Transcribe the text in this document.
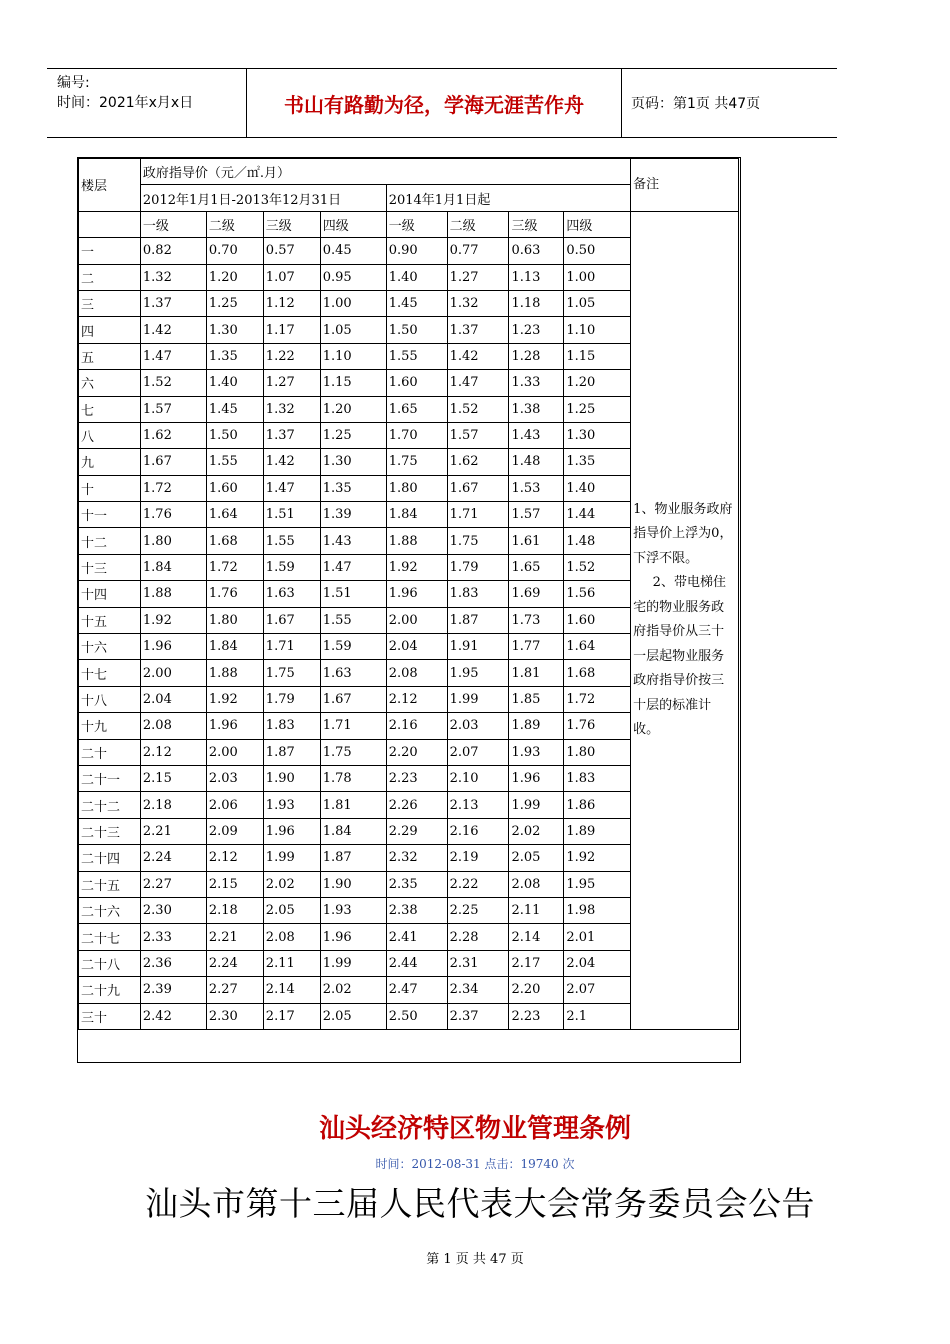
编号:
时间：2021年x月x日	书山有路勤为径，学海无涯苦作舟	页码：第1页 共47页
楼层	政府指导价（元／㎡.月）								备注
	2012年1月1日-2013年12月31日				2014年1月1日起				
	一级	二级	三级	四级	一级	二级	三级	四级	1、物业服务政府指导价上浮为0，下浮不限。

2、带电梯住宅的物业服务政府指导价从三十一层起物业服务政府指导价按三十层的标准计收。

一	0.82	0.70	0.57	0.45	0.90	0.77	0.63	0.50	
二	1.32	1.20	1.07	0.95	1.40	1.27	1.13	1.00	
三	1.37	1.25	1.12	1.00	1.45	1.32	1.18	1.05	
四	1.42	1.30	1.17	1.05	1.50	1.37	1.23	1.10	
五	1.47	1.35	1.22	1.10	1.55	1.42	1.28	1.15	
六	1.52	1.40	1.27	1.15	1.60	1.47	1.33	1.20	
七	1.57	1.45	1.32	1.20	1.65	1.52	1.38	1.25	
八	1.62	1.50	1.37	1.25	1.70	1.57	1.43	1.30	
九	1.67	1.55	1.42	1.30	1.75	1.62	1.48	1.35	
十	1.72	1.60	1.47	1.35	1.80	1.67	1.53	1.40	
十一	1.76	1.64	1.51	1.39	1.84	1.71	1.57	1.44	
十二	1.80	1.68	1.55	1.43	1.88	1.75	1.61	1.48	
十三	1.84	1.72	1.59	1.47	1.92	1.79	1.65	1.52	
十四	1.88	1.76	1.63	1.51	1.96	1.83	1.69	1.56	
十五	1.92	1.80	1.67	1.55	2.00	1.87	1.73	1.60	
十六	1.96	1.84	1.71	1.59	2.04	1.91	1.77	1.64	
十七	2.00	1.88	1.75	1.63	2.08	1.95	1.81	1.68	
十八	2.04	1.92	1.79	1.67	2.12	1.99	1.85	1.72	
十九	2.08	1.96	1.83	1.71	2.16	2.03	1.89	1.76	
二十	2.12	2.00	1.87	1.75	2.20	2.07	1.93	1.80	
二十一	2.15	2.03	1.90	1.78	2.23	2.10	1.96	1.83	
二十二	2.18	2.06	1.93	1.81	2.26	2.13	1.99	1.86	
二十三	2.21	2.09	1.96	1.84	2.29	2.16	2.02	1.89	
二十四	2.24	2.12	1.99	1.87	2.32	2.19	2.05	1.92	
二十五	2.27	2.15	2.02	1.90	2.35	2.22	2.08	1.95	
二十六	2.30	2.18	2.05	1.93	2.38	2.25	2.11	1.98	
二十七	2.33	2.21	2.08	1.96	2.41	2.28	2.14	2.01	
二十八	2.36	2.24	2.11	1.99	2.44	2.31	2.17	2.04	
二十九	2.39	2.27	2.14	2.02	2.47	2.34	2.20	2.07	
三十	2.42	2.30	2.17	2.05	2.50	2.37	2.23	2.1	
汕头经济特区物业管理条例
时间：2012-08-31 点击：19740 次
汕头市第十三届人民代表大会常务委员会公告
第 1 页 共 47 页
